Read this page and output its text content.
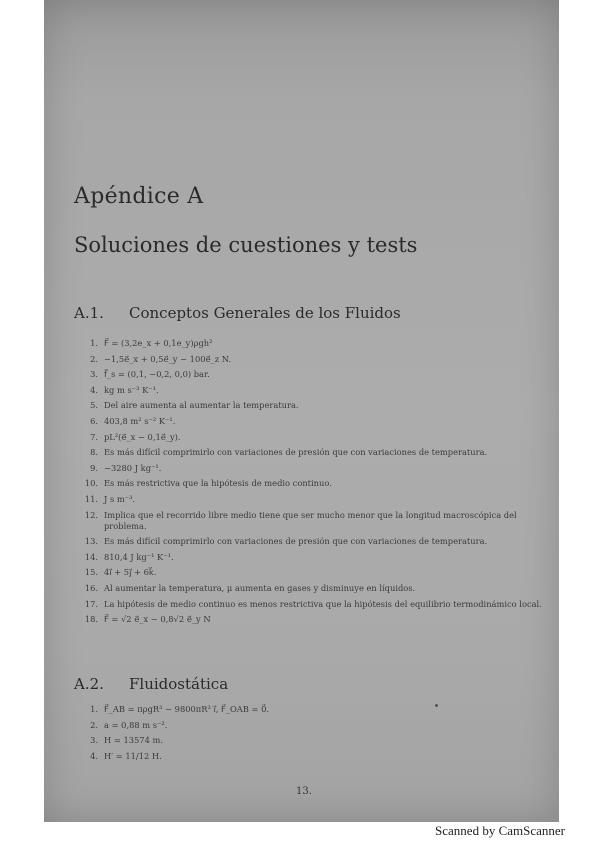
Apéndice A
Soluciones de cuestiones y tests
A.1. Conceptos Generales de los Fluidos
1. F⃗ = (3,2e_x + 0,1e_y)ρgh²
2. −1,5e⃗_x + 0,5e⃗_y − 100e⃗_z N.
3. f⃗_s = (0,1, −0,2, 0,0) bar.
4. kg m s⁻³ K⁻¹.
5. Del aire aumenta al aumentar la temperatura.
6. 403,8 m² s⁻² K⁻¹.
7. pL²(e⃗_x − 0,1e⃗_y).
8. Es más difícil comprimirlo con variaciones de presión que con variaciones de temperatura.
9. −3280 J kg⁻¹.
10. Es más restrictiva que la hipótesis de medio continuo.
11. J s m⁻³.
12. Implica que el recorrido libre medio tiene que ser mucho menor que la longitud macroscópica del problema.
13. Es más difícil comprimirlo con variaciones de presión que con variaciones de temperatura.
14. 810,4 J kg⁻¹ K⁻¹.
15. 4i⃗ + 5j⃗ + 6k⃗.
16. Al aumentar la temperatura, μ aumenta en gases y disminuye en líquidos.
17. La hipótesis de medio continuo es menos restrictiva que la hipótesis del equilibrio termodinámico local.
18. F⃗ = √2 e⃗_x − 0,8√2 e⃗_y N
A.2. Fluidostática
1. F⃗_AB = πρgR³ − 9800πR³ i⃗, F⃗_OAB = 0⃗.
2. a = 0,88 m s⁻².
3. H = 13574 m.
4. H′ = 11/12 H.
13.
Scanned by CamScanner
